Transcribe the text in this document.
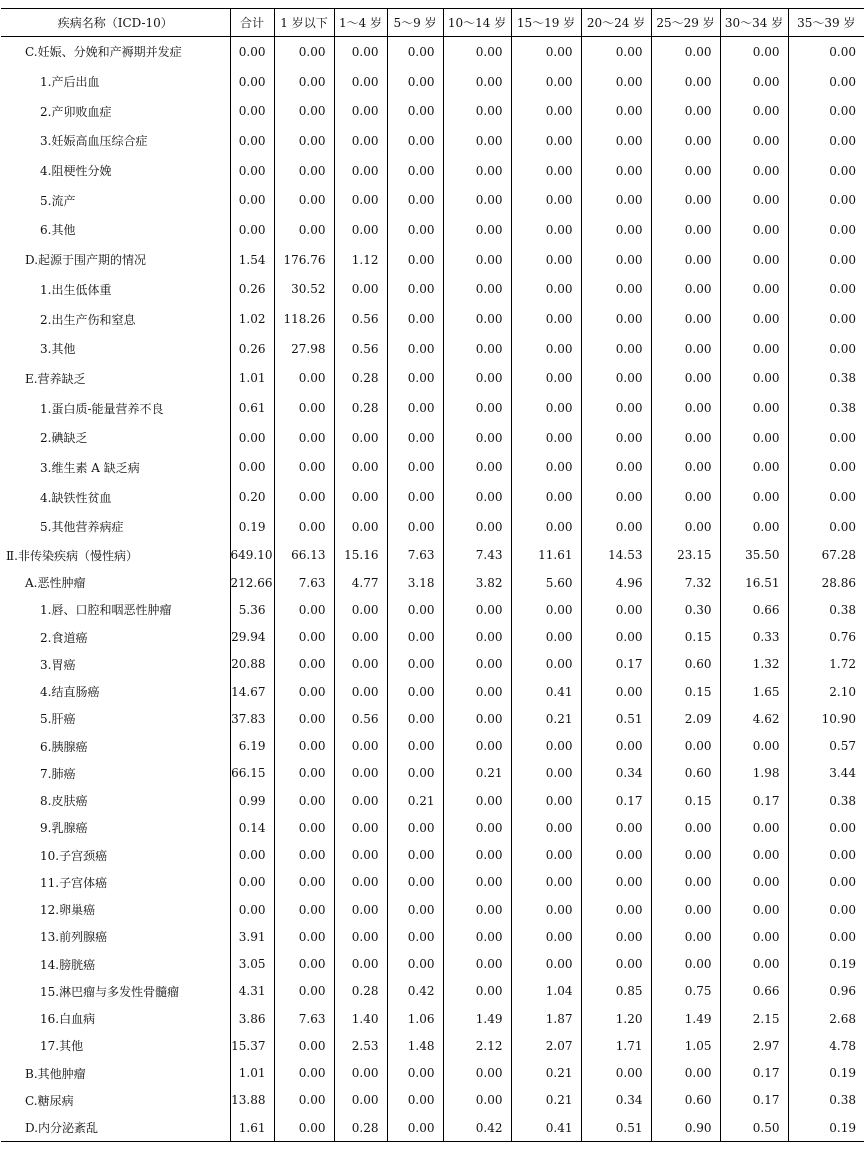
疾病名称（ICD-10）	合计	1 岁以下	1～4 岁	5～9 岁	10～14 岁	15～19 岁	20～24 岁	25～29 岁	30～34 岁	35～39 岁
C.妊娠、分娩和产褥期并发症	0.00	0.00	0.00	0.00	0.00	0.00	0.00	0.00	0.00	0.00
1.产后出血	0.00	0.00	0.00	0.00	0.00	0.00	0.00	0.00	0.00	0.00
2.产卯败血症	0.00	0.00	0.00	0.00	0.00	0.00	0.00	0.00	0.00	0.00
3.妊娠高血压综合症	0.00	0.00	0.00	0.00	0.00	0.00	0.00	0.00	0.00	0.00
4.阻梗性分娩	0.00	0.00	0.00	0.00	0.00	0.00	0.00	0.00	0.00	0.00
5.流产	0.00	0.00	0.00	0.00	0.00	0.00	0.00	0.00	0.00	0.00
6.其他	0.00	0.00	0.00	0.00	0.00	0.00	0.00	0.00	0.00	0.00
D.起源于围产期的情况	1.54	176.76	1.12	0.00	0.00	0.00	0.00	0.00	0.00	0.00
1.出生低体重	0.26	30.52	0.00	0.00	0.00	0.00	0.00	0.00	0.00	0.00
2.出生产伤和窒息	1.02	118.26	0.56	0.00	0.00	0.00	0.00	0.00	0.00	0.00
3.其他	0.26	27.98	0.56	0.00	0.00	0.00	0.00	0.00	0.00	0.00
E.营养缺乏	1.01	0.00	0.28	0.00	0.00	0.00	0.00	0.00	0.00	0.38
1.蛋白质-能量营养不良	0.61	0.00	0.28	0.00	0.00	0.00	0.00	0.00	0.00	0.38
2.碘缺乏	0.00	0.00	0.00	0.00	0.00	0.00	0.00	0.00	0.00	0.00
3.维生素 A 缺乏病	0.00	0.00	0.00	0.00	0.00	0.00	0.00	0.00	0.00	0.00
4.缺铁性贫血	0.20	0.00	0.00	0.00	0.00	0.00	0.00	0.00	0.00	0.00
5.其他营养病症	0.19	0.00	0.00	0.00	0.00	0.00	0.00	0.00	0.00	0.00
Ⅱ.非传染疾病（慢性病）	649.10	66.13	15.16	7.63	7.43	11.61	14.53	23.15	35.50	67.28
A.恶性肿瘤	212.66	7.63	4.77	3.18	3.82	5.60	4.96	7.32	16.51	28.86
1.唇、口腔和咽恶性肿瘤	5.36	0.00	0.00	0.00	0.00	0.00	0.00	0.30	0.66	0.38
2.食道癌	29.94	0.00	0.00	0.00	0.00	0.00	0.00	0.15	0.33	0.76
3.胃癌	20.88	0.00	0.00	0.00	0.00	0.00	0.17	0.60	1.32	1.72
4.结直肠癌	14.67	0.00	0.00	0.00	0.00	0.41	0.00	0.15	1.65	2.10
5.肝癌	37.83	0.00	0.56	0.00	0.00	0.21	0.51	2.09	4.62	10.90
6.胰腺癌	6.19	0.00	0.00	0.00	0.00	0.00	0.00	0.00	0.00	0.57
7.肺癌	66.15	0.00	0.00	0.00	0.21	0.00	0.34	0.60	1.98	3.44
8.皮肤癌	0.99	0.00	0.00	0.21	0.00	0.00	0.17	0.15	0.17	0.38
9.乳腺癌	0.14	0.00	0.00	0.00	0.00	0.00	0.00	0.00	0.00	0.00
10.子宫颈癌	0.00	0.00	0.00	0.00	0.00	0.00	0.00	0.00	0.00	0.00
11.子宫体癌	0.00	0.00	0.00	0.00	0.00	0.00	0.00	0.00	0.00	0.00
12.卵巢癌	0.00	0.00	0.00	0.00	0.00	0.00	0.00	0.00	0.00	0.00
13.前列腺癌	3.91	0.00	0.00	0.00	0.00	0.00	0.00	0.00	0.00	0.00
14.膀胱癌	3.05	0.00	0.00	0.00	0.00	0.00	0.00	0.00	0.00	0.19
15.淋巴瘤与多发性骨髓瘤	4.31	0.00	0.28	0.42	0.00	1.04	0.85	0.75	0.66	0.96
16.白血病	3.86	7.63	1.40	1.06	1.49	1.87	1.20	1.49	2.15	2.68
17.其他	15.37	0.00	2.53	1.48	2.12	2.07	1.71	1.05	2.97	4.78
B.其他肿瘤	1.01	0.00	0.00	0.00	0.00	0.21	0.00	0.00	0.17	0.19
C.糖尿病	13.88	0.00	0.00	0.00	0.00	0.21	0.34	0.60	0.17	0.38
D.内分泌紊乱	1.61	0.00	0.28	0.00	0.42	0.41	0.51	0.90	0.50	0.19
